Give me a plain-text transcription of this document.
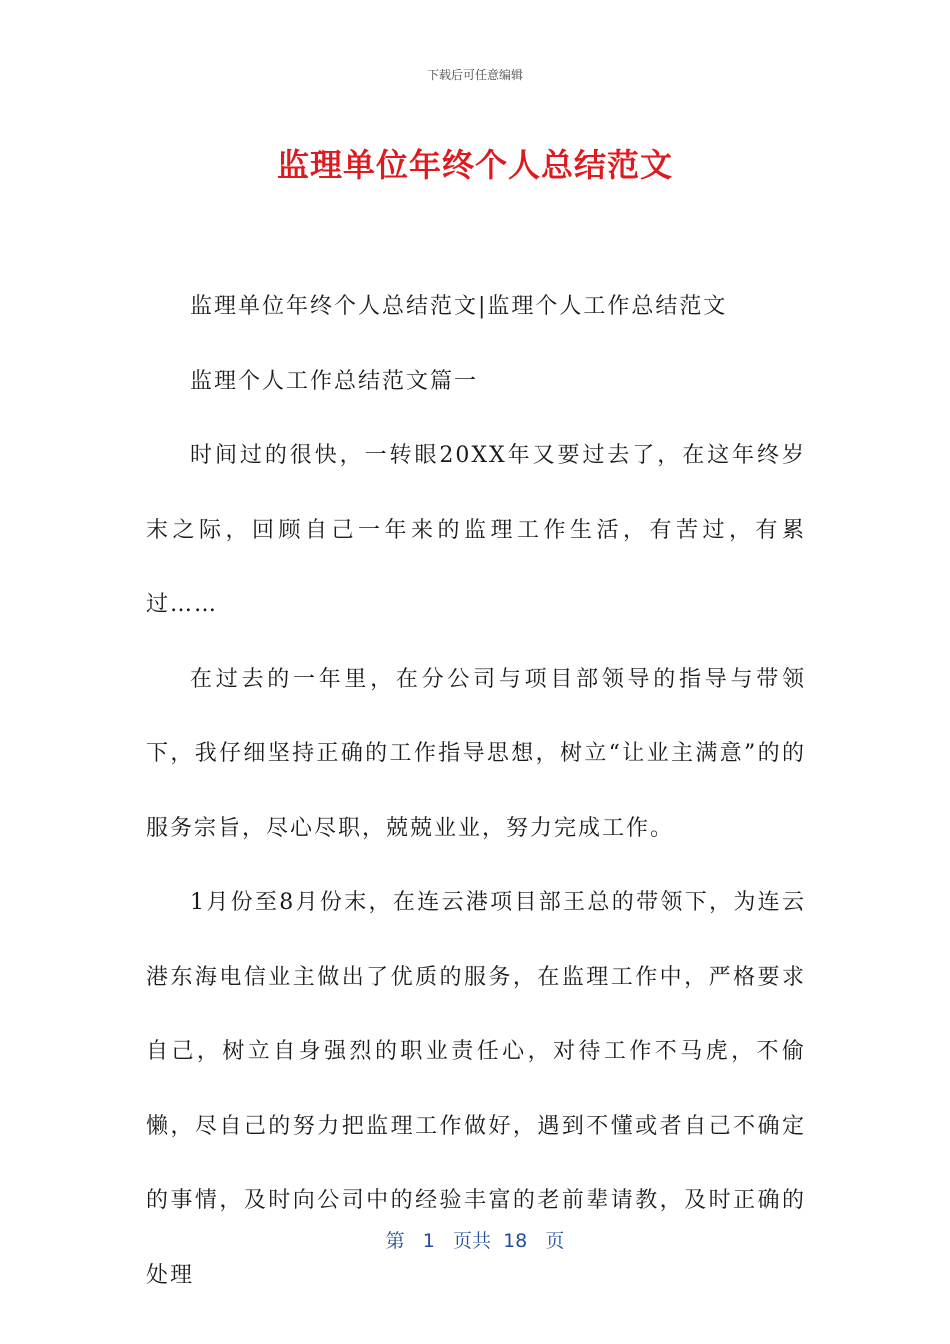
下载后可任意编辑
监理单位年终个人总结范文

监理单位年终个人总结范文|监理个人工作总结范文

监理个人工作总结范文篇一

时间过的很快，一转眼20XX年又要过去了，在这年终岁末之际，回顾自己一年来的监理工作生活，有苦过，有累过……

在过去的一年里，在分公司与项目部领导的指导与带领下，我仔细坚持正确的工作指导思想，树立“让业主满意”的的服务宗旨，尽心尽职，兢兢业业，努力完成工作。

1月份至8月份末，在连云港项目部王总的带领下，为连云港东海电信业主做出了优质的服务，在监理工作中，严格要求自己，树立自身强烈的职业责任心，对待工作不马虎，不偷懒，尽自己的努力把监理工作做好，遇到不懂或者自己不确定的事情，及时向公司中的经验丰富的老前辈请教，及时正确的处理

第 1 页共 18 页
